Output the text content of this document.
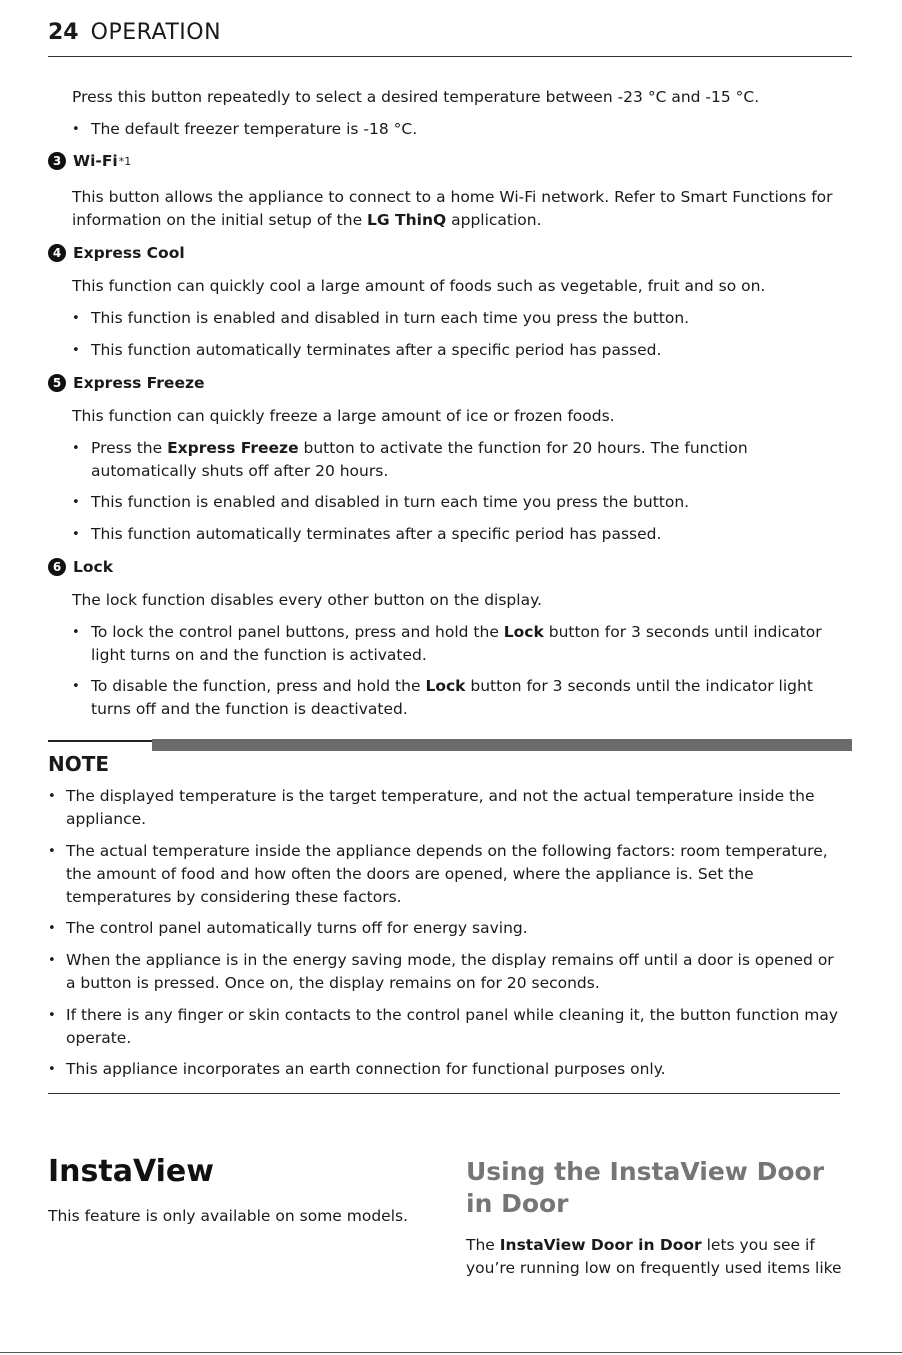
24 OPERATION
Press this button repeatedly to select a desired temperature between -23 °C and -15 °C.
• The default freezer temperature is -18 °C.
3 Wi-Fi *1
This button allows the appliance to connect to a home Wi-Fi network. Refer to Smart Functions for information on the initial setup of the LG ThinQ application.
4 Express Cool
This function can quickly cool a large amount of foods such as vegetable, fruit and so on.
• This function is enabled and disabled in turn each time you press the button.
• This function automatically terminates after a specific period has passed.
5 Express Freeze
This function can quickly freeze a large amount of ice or frozen foods.
• Press the Express Freeze button to activate the function for 20 hours. The function automatically shuts off after 20 hours.
• This function is enabled and disabled in turn each time you press the button.
• This function automatically terminates after a specific period has passed.
6 Lock
The lock function disables every other button on the display.
• To lock the control panel buttons, press and hold the Lock button for 3 seconds until indicator light turns on and the function is activated.
• To disable the function, press and hold the Lock button for 3 seconds until the indicator light turns off and the function is deactivated.
NOTE
• The displayed temperature is the target temperature, and not the actual temperature inside the appliance.
• The actual temperature inside the appliance depends on the following factors: room temperature, the amount of food and how often the doors are opened, where the appliance is. Set the temperatures by considering these factors.
• The control panel automatically turns off for energy saving.
• When the appliance is in the energy saving mode, the display remains off until a door is opened or a button is pressed. Once on, the display remains on for 20 seconds.
• If there is any finger or skin contacts to the control panel while cleaning it, the button function may operate.
• This appliance incorporates an earth connection for functional purposes only.
InstaView
This feature is only available on some models.
Using the InstaView Door in Door
The InstaView Door in Door lets you see if you’re running low on frequently used items like
